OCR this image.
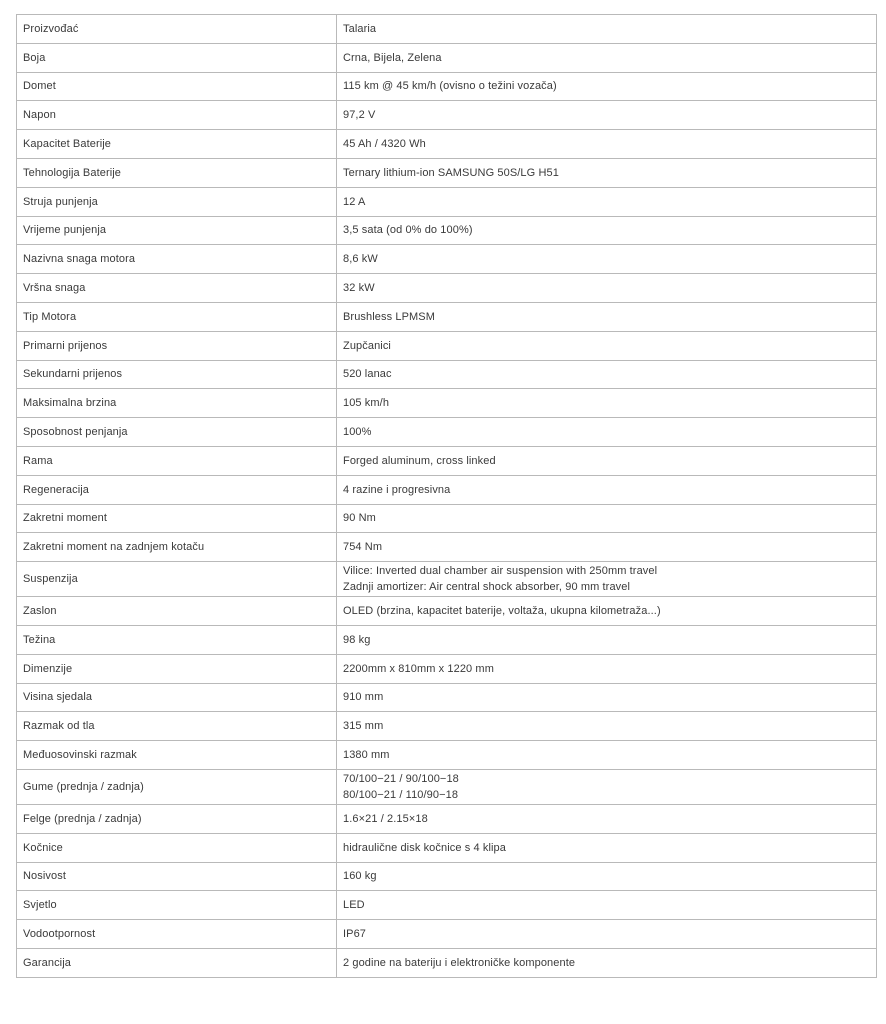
Proizvođać	Talaria

Boja	Crna, Bijela, Zelena

Domet	115 km @ 45 km/h (ovisno o težini vozača)

Napon	97,2 V

Kapacitet Baterije	45 Ah / 4320 Wh

Tehnologija Baterije	Ternary lithium-ion SAMSUNG 50S/LG H51

Struja punjenja	12 A

Vrijeme punjenja	3,5 sata (od 0% do 100%)

Nazivna snaga motora	8,6 kW

Vršna snaga	32 kW

Tip Motora	Brushless LPMSM

Primarni prijenos	Zupčanici

Sekundarni prijenos	520 lanac

Maksimalna brzina	105 km/h

Sposobnost penjanja	100%

Rama	Forged aluminum, cross linked

Regeneracija	4 razine i progresivna

Zakretni moment	90 Nm

Zakretni moment na zadnjem kotaču	754 Nm

Suspenzija	Vilice: Inverted dual chamber air suspension with 250mm travel
Zadnji amortizer: Air central shock absorber, 90 mm travel

Zaslon	OLED (brzina, kapacitet baterije, voltaža, ukupna kilometraža...)

Težina	98 kg

Dimenzije	2200mm x 810mm x 1220 mm

Visina sjedala	910 mm

Razmak od tla	315 mm

Međuosovinski razmak	1380 mm

Gume (prednja / zadnja)	70/100−21 / 90/100−18
80/100−21 / 110/90−18

Felge (prednja / zadnja)	1.6×21 / 2.15×18

Kočnice	hidraulične disk kočnice s 4 klipa

Nosivost	160 kg

Svjetlo	LED

Vodootpornost	IP67

Garancija	2 godine na bateriju i elektroničke komponente
